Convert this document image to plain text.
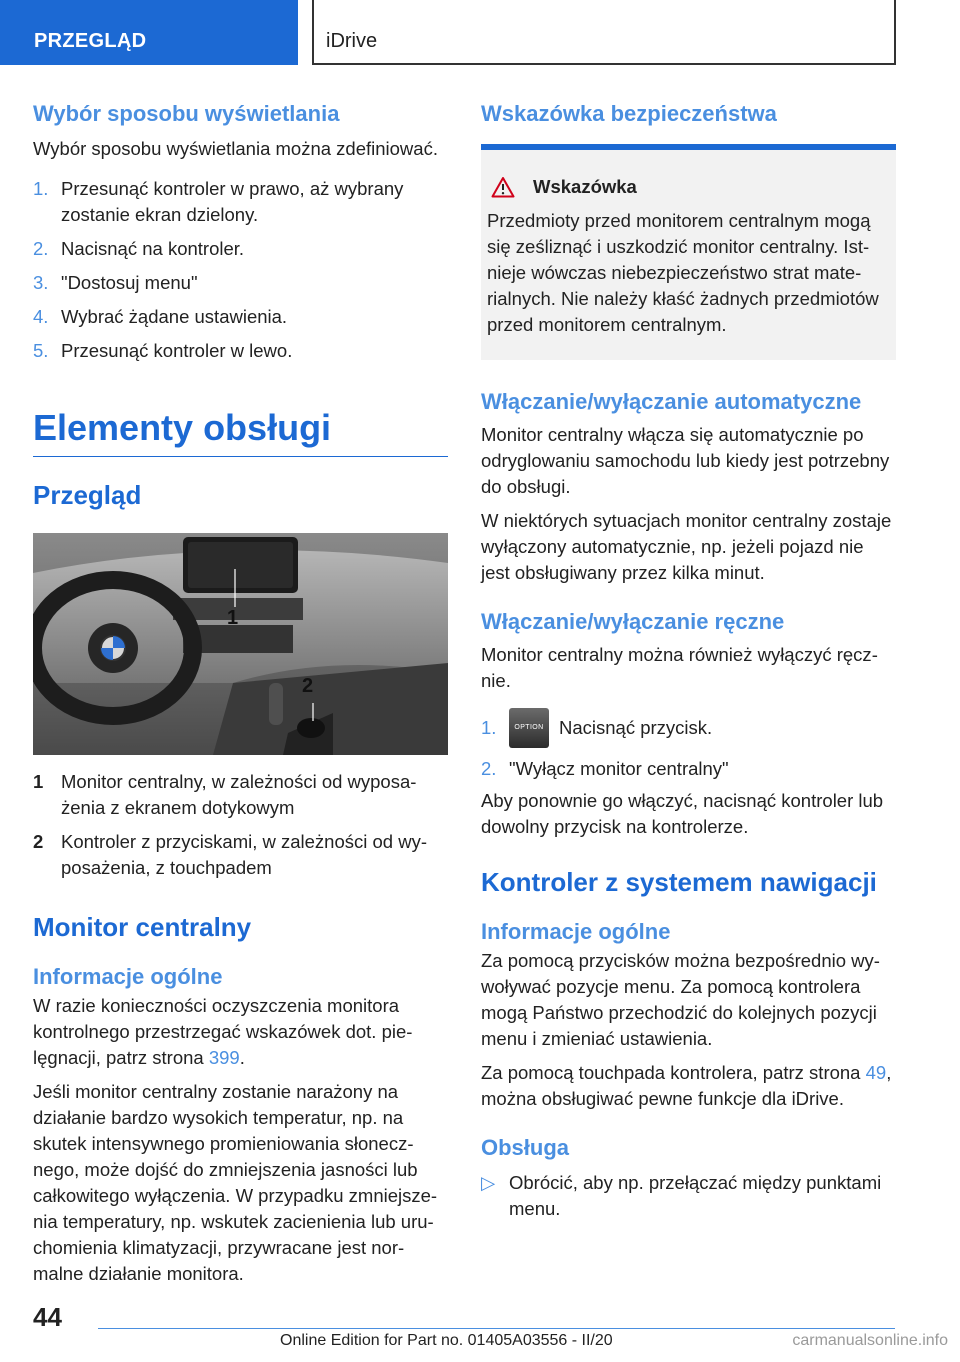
PRZEGLĄD	iDrive
Wybór sposobu wyświetlania

Wybór sposobu wyświetlania można zdefiniować.

1. Przesunąć kontroler w prawo, aż wybrany zostanie ekran dzielony.
2. Nacisnąć na kontroler.
3. "Dostosuj menu"
4. Wybrać żądane ustawienia.
5. Przesunąć kontroler w lewo.
Elementy obsługi
Przegląd
1
2
1 Monitor centralny, w zależności od wyposażenia z ekranem dotykowym
2 Kontroler z przyciskami, w zależności od wyposażenia, z touchpadem
Monitor centralny
Informacje ogólne

W razie konieczności oczyszczenia monitora kontrolnego przestrzegać wskazówek dot. pielęgnacji, patrz strona 399.

Jeśli monitor centralny zostanie narażony na działanie bardzo wysokich temperatur, np. na skutek intensywnego promieniowania słonecznego, może dojść do zmniejszenia jasności lub całkowitego wyłączenia. W przypadku zmniejszenia temperatury, np. wskutek zacienienia lub uruchomienia klimatyzacji, przywracane jest normalne działanie monitora.

Wskazówka bezpieczeństwa
Wskazówka

Przedmioty przed monitorem centralnym mogą się ześliznąć i uszkodzić monitor centralny. Istnieje wówczas niebezpieczeństwo strat materialnych. Nie należy kłaść żadnych przedmiotów przed monitorem centralnym.

Włączanie/wyłączanie automatyczne

Monitor centralny włącza się automatycznie po odryglowaniu samochodu lub kiedy jest potrzebny do obsługi.

W niektórych sytuacjach monitor centralny zostaje wyłączony automatycznie, np. jeżeli pojazd nie jest obsługiwany przez kilka minut.

Włączanie/wyłączanie ręczne

Monitor centralny można również wyłączyć ręcznie.

1.	OPTION Nacisnąć przycisk.
2. "Wyłącz monitor centralny"

Aby ponownie go włączyć, nacisnąć kontroler lub dowolny przycisk na kontrolerze.

Kontroler z systemem nawigacji
Informacje ogólne

Za pomocą przycisków można bezpośrednio wywoływać pozycje menu. Za pomocą kontrolera mogą Państwo przechodzić do kolejnych pozycji menu i zmieniać ustawienia.

Za pomocą touchpada kontrolera, patrz strona 49, można obsługiwać pewne funkcje dla iDrive.

Obsługa
▷ Obrócić, aby np. przełączać między punktami menu.
44
Online Edition for Part no. 01405A03556 - II/20	carmanualsonline.info
